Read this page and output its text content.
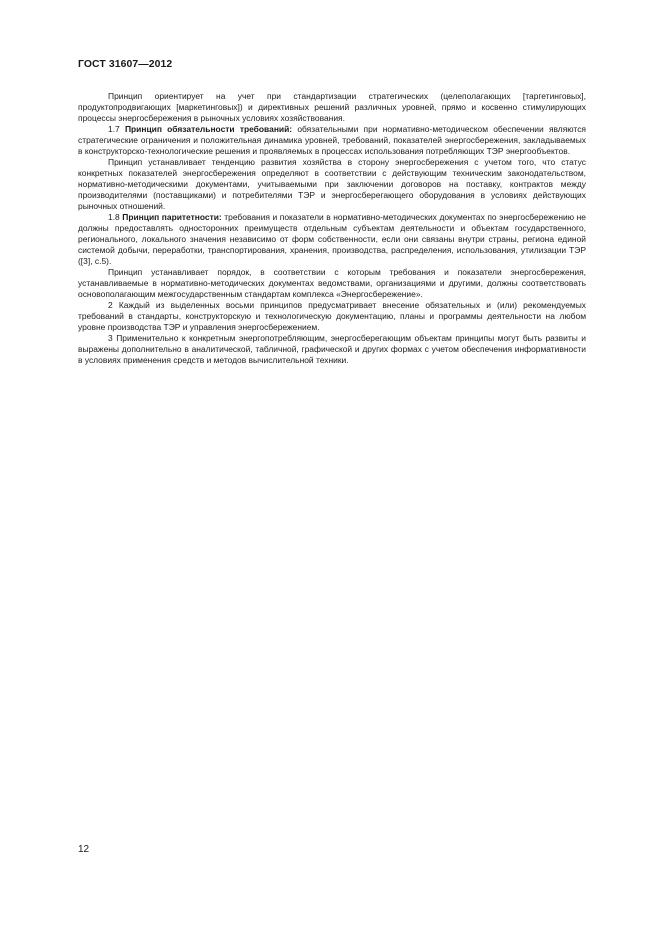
ГОСТ 31607—2012

Принцип ориентирует на учет при стандартизации стратегических (целеполагающих [таргетинговых], продуктопродвигающих [маркетинговых]) и директивных решений различных уровней, прямо и косвенно стимулирующих процессы энергосбережения в рыночных условиях хозяйствования.

1.7 Принцип обязательности требований: обязательными при нормативно-методическом обеспечении являются стратегические ограничения и положительная динамика уровней, требований, показателей энергосбережения, закладываемых в конструкторско-технологические решения и проявляемых в процессах использования потребляющих ТЭР энергообъектов.

Принцип устанавливает тенденцию развития хозяйства в сторону энергосбережения с учетом того, что статус конкретных показателей энергосбережения определяют в соответствии с действующим техническим законодательством, нормативно-методическими документами, учитываемыми при заключении договоров на поставку, контрактов между производителями (поставщиками) и потребителями ТЭР и энергосберегающего оборудования в условиях действующих рыночных отношений.

1.8 Принцип паритетности: требования и показатели в нормативно-методических документах по энергосбережению не должны предоставлять односторонних преимуществ отдельным субъектам деятельности и объектам государственного, регионального, локального значения независимо от форм собственности, если они связаны внутри страны, региона единой системой добычи, переработки, транспортирования, хранения, производства, распределения, использования, утилизации ТЭР ([3], с.5).

Принцип устанавливает порядок, в соответствии с которым требования и показатели энергосбережения, устанавливаемые в нормативно-методических документах ведомствами, организациями и другими, должны соответствовать основополагающим межгосударственным стандартам комплекса «Энергосбережение».

2 Каждый из выделенных восьми принципов предусматривает внесение обязательных и (или) рекомендуемых требований в стандарты, конструкторскую и технологическую документацию, планы и программы деятельности на любом уровне производства ТЭР и управления энергосбережением.

3 Применительно к конкретным энергопотребляющим, энергосберегающим объектам принципы могут быть развиты и выражены дополнительно в аналитической, табличной, графической и других формах с учетом обеспечения информативности в условиях применения средств и методов вычислительной техники.

12
